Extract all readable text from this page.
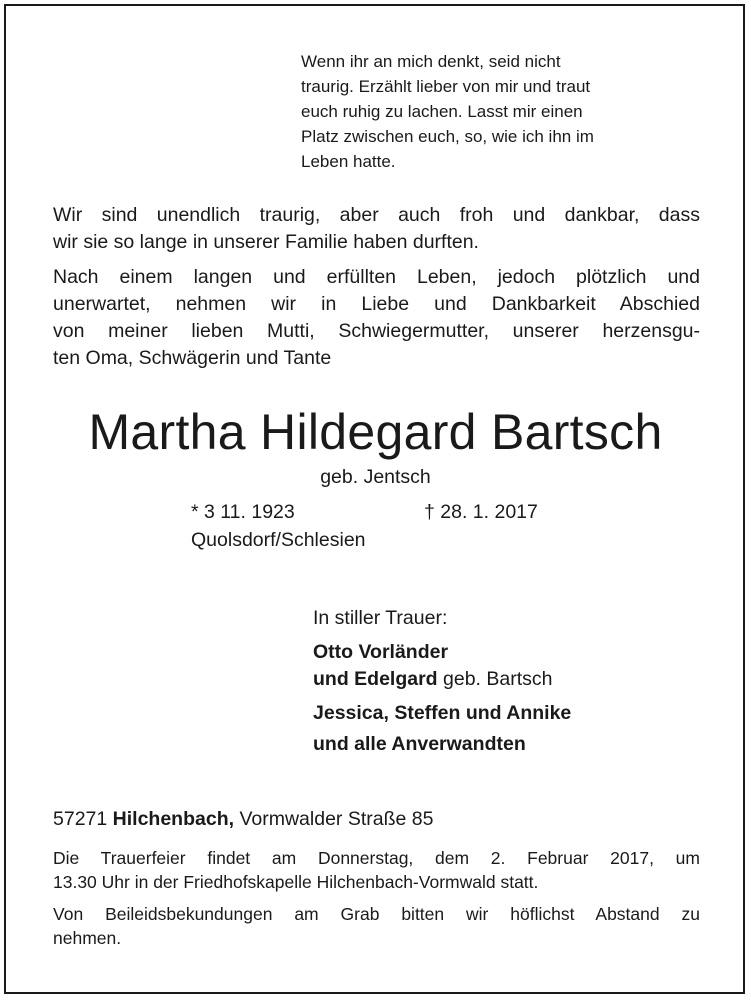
Wenn ihr an mich denkt, seid nicht
traurig. Erzählt lieber von mir und traut
euch ruhig zu lachen. Lasst mir einen
Platz zwischen euch, so, wie ich ihn im
Leben hatte.
Wir sind unendlich traurig, aber auch froh und dankbar, dass
wir sie so lange in unserer Familie haben durften.
Nach einem langen und erfüllten Leben, jedoch plötzlich und
unerwartet, nehmen wir in Liebe und Dankbarkeit Abschied
von meiner lieben Mutti, Schwiegermutter, unserer herzensgu-
ten Oma, Schwägerin und Tante
Martha Hildegard Bartsch
geb. Jentsch
* 3 11. 1923	† 28. 1. 2017
Quolsdorf/Schlesien
In stiller Trauer:
Otto Vorländer
und Edelgard geb. Bartsch
Jessica, Steffen und Annike
und alle Anverwandten
57271 Hilchenbach, Vormwalder Straße 85
Die Trauerfeier findet am Donnerstag, dem 2. Februar 2017, um
13.30 Uhr in der Friedhofskapelle Hilchenbach-Vormwald statt.
Von Beileidsbekundungen am Grab bitten wir höflichst Abstand zu
nehmen.
